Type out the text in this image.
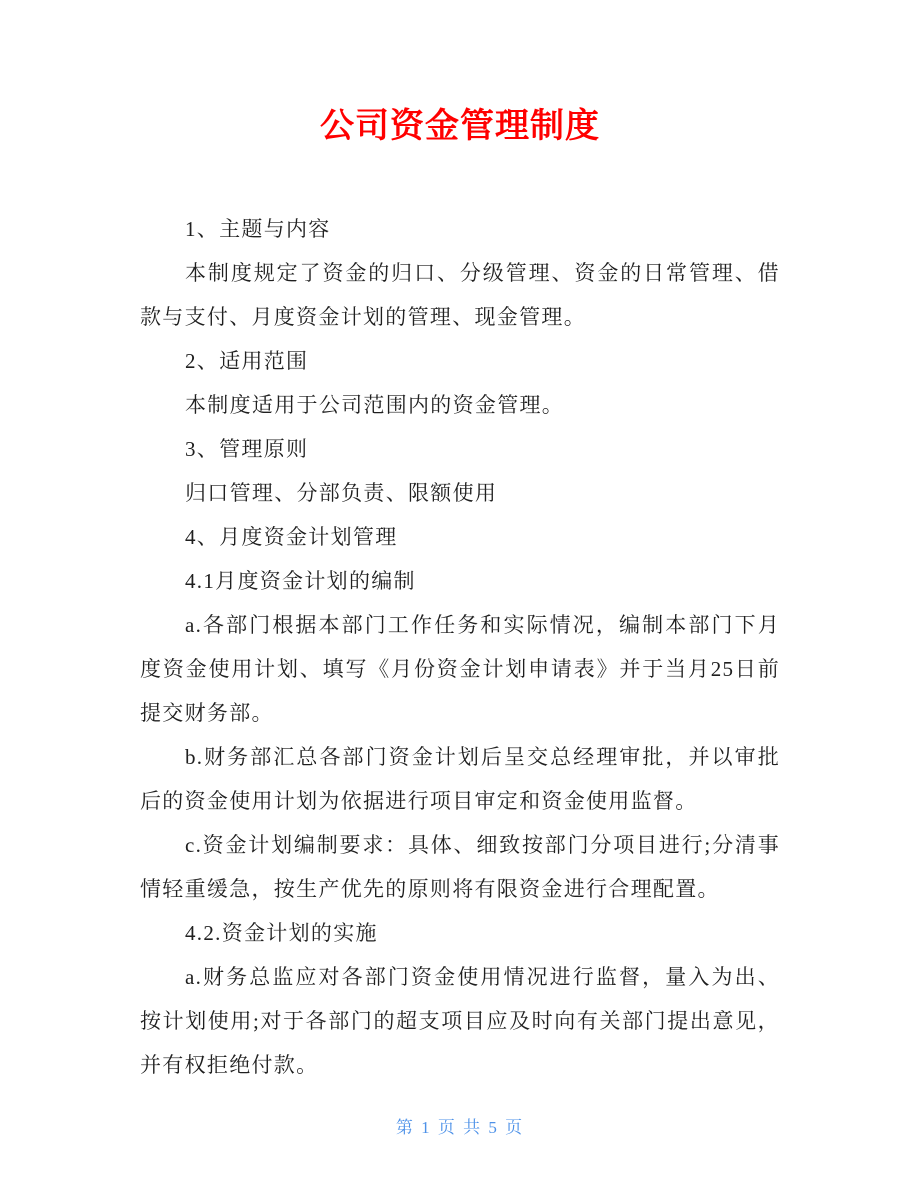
公司资金管理制度

1、主题与内容

本制度规定了资金的归口、分级管理、资金的日常管理、借款与支付、月度资金计划的管理、现金管理。

2、适用范围

本制度适用于公司范围内的资金管理。

3、管理原则

归口管理、分部负责、限额使用

4、月度资金计划管理

4.1月度资金计划的编制

a.各部门根据本部门工作任务和实际情况，编制本部门下月度资金使用计划、填写《月份资金计划申请表》并于当月25日前提交财务部。

b.财务部汇总各部门资金计划后呈交总经理审批，并以审批后的资金使用计划为依据进行项目审定和资金使用监督。

c.资金计划编制要求：具体、细致按部门分项目进行;分清事情轻重缓急，按生产优先的原则将有限资金进行合理配置。

4.2.资金计划的实施

a.财务总监应对各部门资金使用情况进行监督，量入为出、按计划使用;对于各部门的超支项目应及时向有关部门提出意见，并有权拒绝付款。

第 1 页 共 5 页
